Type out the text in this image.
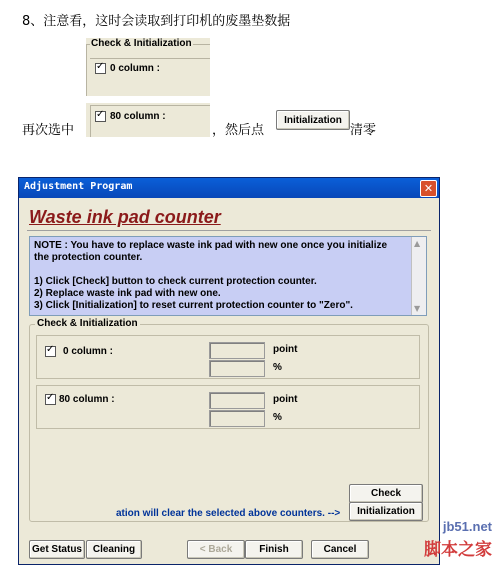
8、注意看，这时会读取到打印机的废墨垫数据
Check & Initialization
✓
0 column :
再次选中
✓
80 column :
，然后点
Initialization
清零
Adjustment Program	✕
Waste ink pad counter
NOTE : You have to replace waste ink pad with new one once you initialize
the protection counter.

1) Click [Check] button to check current protection counter.
2) Replace waste ink pad with new one.
3) Click [Initialization] to reset current protection counter to "Zero".
▲
▼
Check & Initialization
✓
0 column :	point
%
✓
80 column :	point
%
Check
ation will clear the selected above counters. -->	Initialization
Get Status	Cleaning	< Back	Finish	Cancel
jb51.net
脚本之家
